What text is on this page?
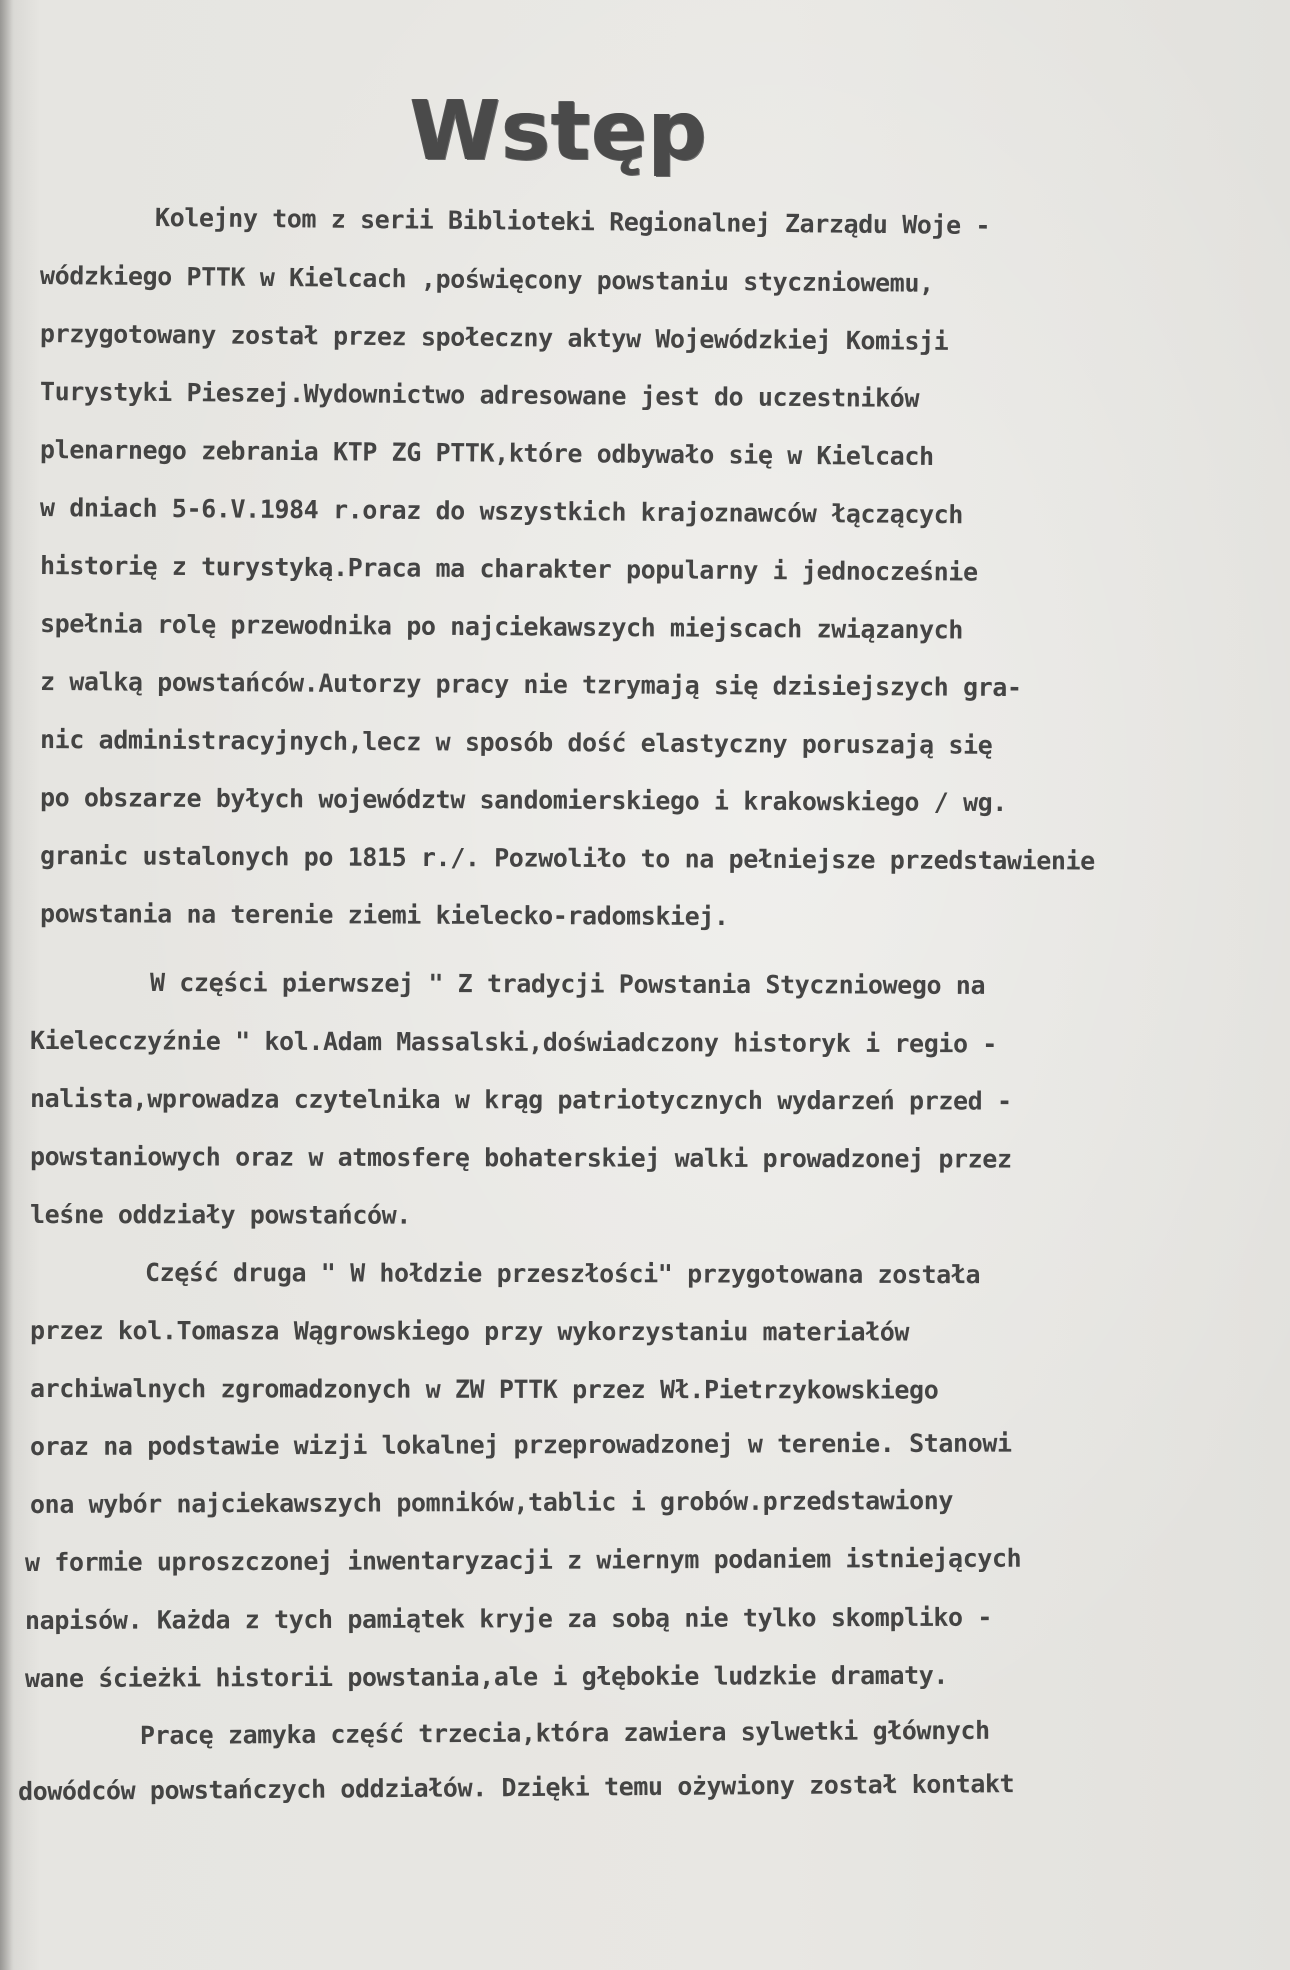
Wstęp

Kolejny tom z serii Biblioteki Regionalnej Zarządu Woje -

wódzkiego PTTK w Kielcach ,poświęcony powstaniu styczniowemu,

przygotowany został przez społeczny aktyw Wojewódzkiej Komisji

Turystyki Pieszej.Wydownictwo adresowane jest do uczestników

plenarnego zebrania KTP ZG PTTK,które odbywało się w Kielcach

w dniach 5-6.V.1984 r.oraz do wszystkich krajoznawców łączących

historię z turystyką.Praca ma charakter popularny i jednocześnie

spełnia rolę przewodnika po najciekawszych miejscach związanych

z walką powstańców.Autorzy pracy nie tzrymają się dzisiejszych gra-

nic administracyjnych,lecz w sposób dość elastyczny poruszają się

po obszarze byłych województw sandomierskiego i krakowskiego / wg.

granic ustalonych po 1815 r./. Pozwoliło to na pełniejsze przedstawienie

powstania na terenie ziemi kielecko-radomskiej.

W części pierwszej " Z tradycji Powstania Styczniowego na

Kielecczyźnie " kol.Adam Massalski,doświadczony historyk i regio -

nalista,wprowadza czytelnika w krąg patriotycznych wydarzeń przed -

powstaniowych oraz w atmosferę bohaterskiej walki prowadzonej przez

leśne oddziały powstańców.

Część druga " W hołdzie przeszłości" przygotowana została

przez kol.Tomasza Wągrowskiego przy wykorzystaniu materiałów

archiwalnych zgromadzonych w ZW PTTK przez Wł.Pietrzykowskiego

oraz na podstawie wizji lokalnej przeprowadzonej w terenie. Stanowi

ona wybór najciekawszych pomników,tablic i grobów.przedstawiony

w formie uproszczonej inwentaryzacji z wiernym podaniem istniejących

napisów. Każda z tych pamiątek kryje za sobą nie tylko skompliko -

wane ścieżki historii powstania,ale i głębokie ludzkie dramaty.

Pracę zamyka część trzecia,która zawiera sylwetki głównych

dowódców powstańczych oddziałów. Dzięki temu ożywiony został kontakt
